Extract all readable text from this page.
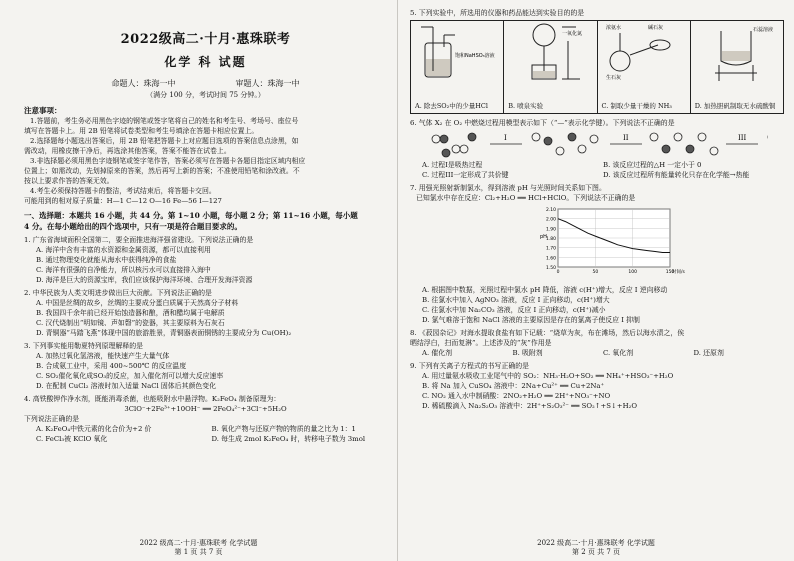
2022级高二·十月·惠珠联考
化学 科 试题
命题人：珠海一中	审题人：珠海一中
（满分 100 分，考试时间 75 分钟。）
注意事项：
1.答题前，考生务必用黑色字迹的钢笔或签字笔将自己的姓名和考生号、考场号、座位号
填写在答题卡上。用 2B 铅笔将试卷类型和考生号填涂在答题卡相应位置上。
2.选择题每小题选出答案后，用 2B 铅笔把答题卡上对应题目选项的答案信息点涂黑，如
需改动，用橡皮擦干净后，再选涂其他答案，答案不能答在试卷上。
3.非选择题必须用黑色字迹钢笔或签字笔作答，答案必须写在答题卡各题目指定区域内相应
位置上；如需改动，先划掉原来的答案，然后再写上新的答案；不准使用铅笔和涂改液。不
按以上要求作答的答案无效。
4.考生必须保持答题卡的整洁，考试结束后，将答题卡交回。
可能用到的相对原子质量：H—1 C—12 O—16 Fe—56 I—127
一、选择题：本题共 16 小题，共 44 分。第 1~10 小题，每小题 2 分；第 11~16 小题，每小题
4 分。在每小题给出的四个选项中，只有一项是符合题目要求的。
1. 广东省海域面积全国第二，要全面推进海洋强省建设。下列说法正确的是
A. 海洋中含有丰富的水资源和金属资源，都可以直接利用
B. 通过物理变化就能从海水中获得纯净的食盐
C. 海洋有很强的自净能力，所以核污水可以直接排入海中
D. 海洋是巨大的资源宝库，我们应该保护海洋环境、合理开发海洋资源
2. 中华民族为人类文明进步做出巨大贡献。下列说法正确的是
A. 中国是丝绸的故乡，丝绸的主要成分蛋白质属于天然高分子材料
B. 我国四千余年前已经开始蚀造器和酿，酒和醋均属于电解质
C. 汉代烧制出“明如镜、声如磬”的瓷器，其主要原料为石灰石
D. 青铜器“马踏飞燕”体现中国的旅游胜景，青铜器表面铜锈的主要成分为 Cu(OH)₂
3. 下列事实能用勒夏特列原理解释的是
A. 加热过氧化氢溶液，能快速产生大量气体
B. 合成氨工业中，采用 400~500℃ 的反应温度
C. SO₂催化氧化成SO₃的反应，加入催化剂可以增大反应速率
D. 在配制 CuCl₂ 溶液时加入适量 NaCl 固体后其颜色变化
4. 高铁酸钾作净水剂，既能消毒杀菌，也能吸附水中悬浮物。K₂FeO₄ 制备原理为：
3ClO⁻+2Fe³⁺+10OH⁻ ══ 2FeO₄²⁻+3Cl⁻+5H₂O
下列说法正确的是
A. K₂FeO₄中铁元素的化合价为+2 价	B. 氧化产物与还原产物的物质的量之比为 1：1
C. FeCl₃被 KClO 氧化	D. 每生成 2mol K₂FeO₄ 时，转移电子数为 3mol
2022 级高二·十月·惠珠联考 化学试题
第 1 页 共 7 页
5. 下列实验中，所选用的仪器和药品能达到实验目的的是
饱和NaHSO₃溶液
A. 除去SO₂中的少量HCl
一氧化氮
B. 喷泉实验
浓氨水	碱石灰
生石灰
C. 制取少量干燥的 NH₃
石蕊溶液
D. 加热胆矾制取无水硫酸铜
6. 气体 X₂ 在 O₂ 中燃烧过程用模型表示如下（“—”表示化学键）。下列说法不正确的是
I	II	III
A. 过程I是吸热过程	B. 该反应过程的△H 一定小于 0
C. 过程III一定形成了共价键	D. 该反应过程所有能量转化只存在化学能→热能
7. 用强光照射新制氯水，得到溶液 pH 与光照时间关系如下图。
已知氯水中存在反应：Cl₂+H₂O ══ HCl+HClO。下列说法不正确的是
1.50
1.60
1.70
1.80
1.90
2.00
2.10
0	50	100	150
pH
时间/s
A. 根据图中数据，光照过程中氯水 pH 降低，溶液 c(H⁺)增大，反应 I 逆向移动
B. 往氯水中加入 AgNO₃ 溶液，反应 I 正向移动，c(H⁺)增大
C. 往氯水中加 Na₂CO₃ 溶液，反应 I 正向移动，c(H⁺)减小
D. 氯气难溶于饱和 NaCl 溶液的主要原因是存在的氯离子使反应 I 抑制
8. 《菽园杂记》对海水提取食盐有如下记载：“烧草为灰，布在滩场，然后以海水渍之，俟
晒结浮白，扫而复淋”。上述涉及的“灰”作用是
A. 催化剂	B. 吸附剂	C. 氧化剂	D. 还原剂
9. 下列有关离子方程式的书写正确的是
A. 用过量氨水吸收工业尾气中的 SO₂：NH₃·H₂O+SO₂ ══ NH₄⁺+HSO₃⁻+H₂O
B. 将 Na 加入 CuSO₄ 溶液中：2Na+Cu²⁺ ══ Cu+2Na⁺
C. NO₂ 通入水中制硝酸：2NO₂+H₂O ══ 2H⁺+NO₃⁻+NO
D. 稀硫酸滴入 Na₂S₂O₃ 溶液中：2H⁺+S₂O₃²⁻ ══ SO₂↑+S↓+H₂O
2022 级高二·十月·惠珠联考 化学试题
第 2 页 共 7 页
